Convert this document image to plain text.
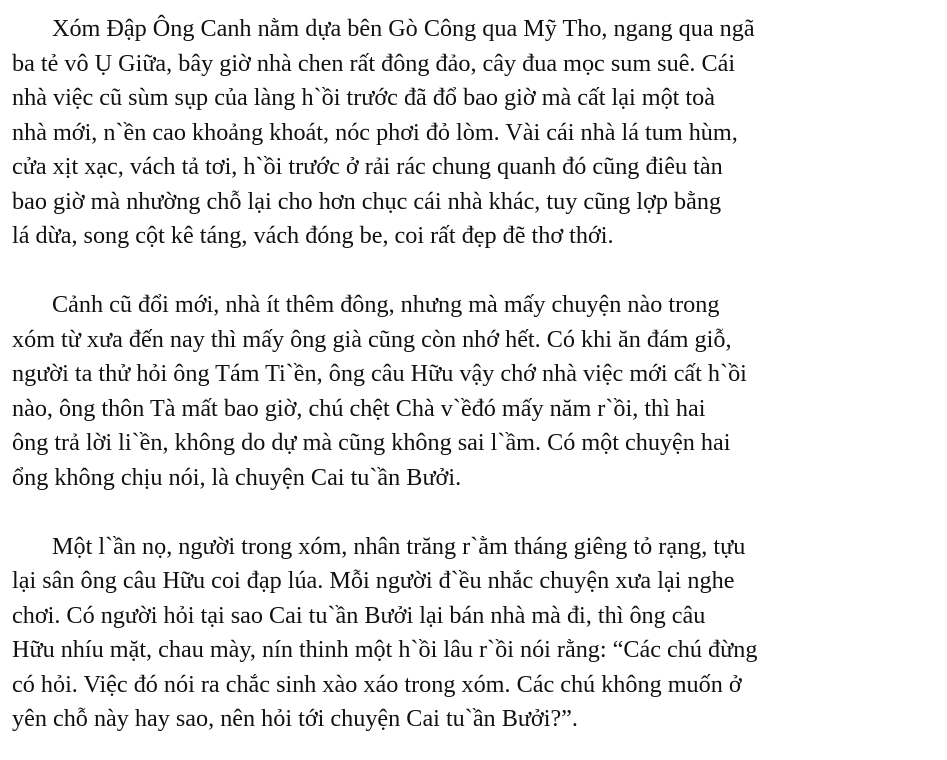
Xóm Đập Ông Canh nằm dựa bên Gò Công qua Mỹ Tho, ngang qua ngã
ba tẻ vô Ụ Giữa, bây giờ nhà chen rất đông đảo, cây đua mọc sum suê. Cái
nhà việc cũ sùm sụp của làng h`ồi trước đã đổ bao giờ mà cất lại một toà
nhà mới, n`ền cao khoảng khoát, nóc phơi đỏ lòm. Vài cái nhà lá tum hùm,
cửa xịt xạc, vách tả tơi, h`ồi trước ở rải rác chung quanh đó cũng điêu tàn
bao giờ mà nhường chỗ lại cho hơn chục cái nhà khác, tuy cũng lợp bằng
lá dừa, song cột kê táng, vách đóng be, coi rất đẹp đẽ thơ thới.

Cảnh cũ đổi mới, nhà ít thêm đông, nhưng mà mấy chuyện nào trong
xóm từ xưa đến nay thì mấy ông già cũng còn nhớ hết. Có khi ăn đám giỗ,
người ta thử hỏi ông Tám Ti`ền, ông câu Hữu vậy chớ nhà việc mới cất h`ồi
nào, ông thôn Tà mất bao giờ, chú chệt Chà v`ềđó mấy năm r`ồi, thì hai
ông trả lời li`ền, không do dự mà cũng không sai l`ầm. Có một chuyện hai
ổng không chịu nói, là chuyện Cai tu`ần Bưởi.

Một l`ần nọ, người trong xóm, nhân trăng r`ằm tháng giêng tỏ rạng, tựu
lại sân ông câu Hữu coi đạp lúa. Mỗi người đ`ều nhắc chuyện xưa lại nghe
chơi. Có người hỏi tại sao Cai tu`ần Bưởi lại bán nhà mà đi, thì ông câu
Hữu nhíu mặt, chau mày, nín thinh một h`ồi lâu r`ồi nói rằng: “Các chú đừng
có hỏi. Việc đó nói ra chắc sinh xào xáo trong xóm. Các chú không muốn ở
yên chỗ này hay sao, nên hỏi tới chuyện Cai tu`ần Bưởi?”.
